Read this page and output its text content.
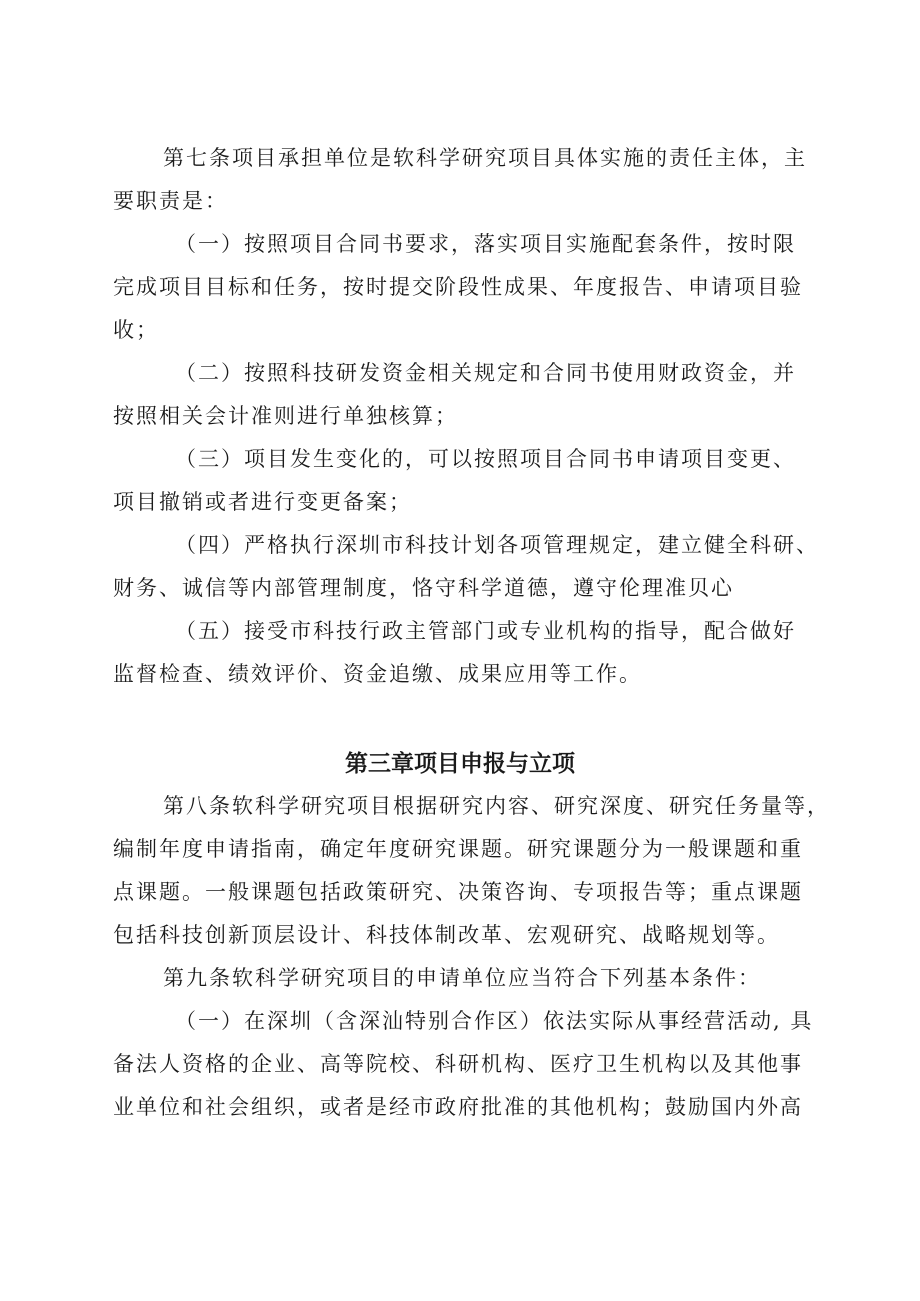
第七条项目承担单位是软科学研究项目具体实施的责任主体，主
要职责是：
（一）按照项目合同书要求，落实项目实施配套条件，按时限
完成项目目标和任务，按时提交阶段性成果、年度报告、申请项目验
收；
（二）按照科技研发资金相关规定和合同书使用财政资金，并
按照相关会计准则进行单独核算；
（三）项目发生变化的，可以按照项目合同书申请项目变更、
项目撤销或者进行变更备案；
（四）严格执行深圳市科技计划各项管理规定，建立健全科研、
财务、诚信等内部管理制度，恪守科学道德，遵守伦理准贝心
（五）接受市科技行政主管部门或专业机构的指导，配合做好
监督检查、绩效评价、资金追缴、成果应用等工作。
第三章项目申报与立项
第八条软科学研究项目根据研究内容、研究深度、研究任务量等，
编制年度申请指南，确定年度研究课题。研究课题分为一般课题和重
点课题。一般课题包括政策研究、决策咨询、专项报告等；重点课题
包括科技创新顶层设计、科技体制改革、宏观研究、战略规划等。
第九条软科学研究项目的申请单位应当符合下列基本条件：
（一）在深圳（含深汕特别合作区）依法实际从事经营活动, 具
备法人资格的企业、高等院校、科研机构、医疗卫生机构以及其他事
业单位和社会组织，或者是经市政府批准的其他机构；鼓励国内外高
